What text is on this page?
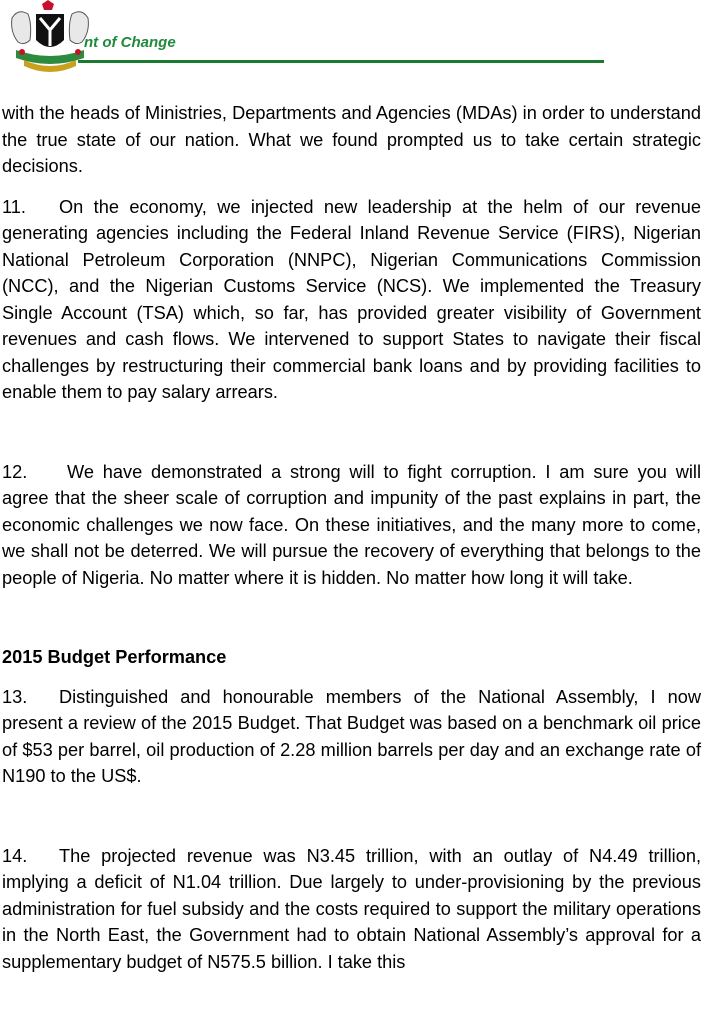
nt of Change

with the heads of Ministries, Departments and Agencies (MDAs) in order to understand the true state of our nation. What we found prompted us to take certain strategic decisions.

11. On the economy, we injected new leadership at the helm of our revenue generating agencies including the Federal Inland Revenue Service (FIRS), Nigerian National Petroleum Corporation (NNPC), Nigerian Communications Commission (NCC), and the Nigerian Customs Service (NCS). We implemented the Treasury Single Account (TSA) which, so far, has provided greater visibility of Government revenues and cash flows. We intervened to support States to navigate their fiscal challenges by restructuring their commercial bank loans and by providing facilities to enable them to pay salary arrears.

12. We have demonstrated a strong will to fight corruption. I am sure you will agree that the sheer scale of corruption and impunity of the past explains in part, the economic challenges we now face. On these initiatives, and the many more to come, we shall not be deterred. We will pursue the recovery of everything that belongs to the people of Nigeria. No matter where it is hidden. No matter how long it will take.

2015 Budget Performance

13. Distinguished and honourable members of the National Assembly, I now present a review of the 2015 Budget. That Budget was based on a benchmark oil price of $53 per barrel, oil production of 2.28 million barrels per day and an exchange rate of N190 to the US$.

14. The projected revenue was N3.45 trillion, with an outlay of N4.49 trillion, implying a deficit of N1.04 trillion. Due largely to under-provisioning by the previous administration for fuel subsidy and the costs required to support the military operations in the North East, the Government had to obtain National Assembly’s approval for a supplementary budget of N575.5 billion. I take this
